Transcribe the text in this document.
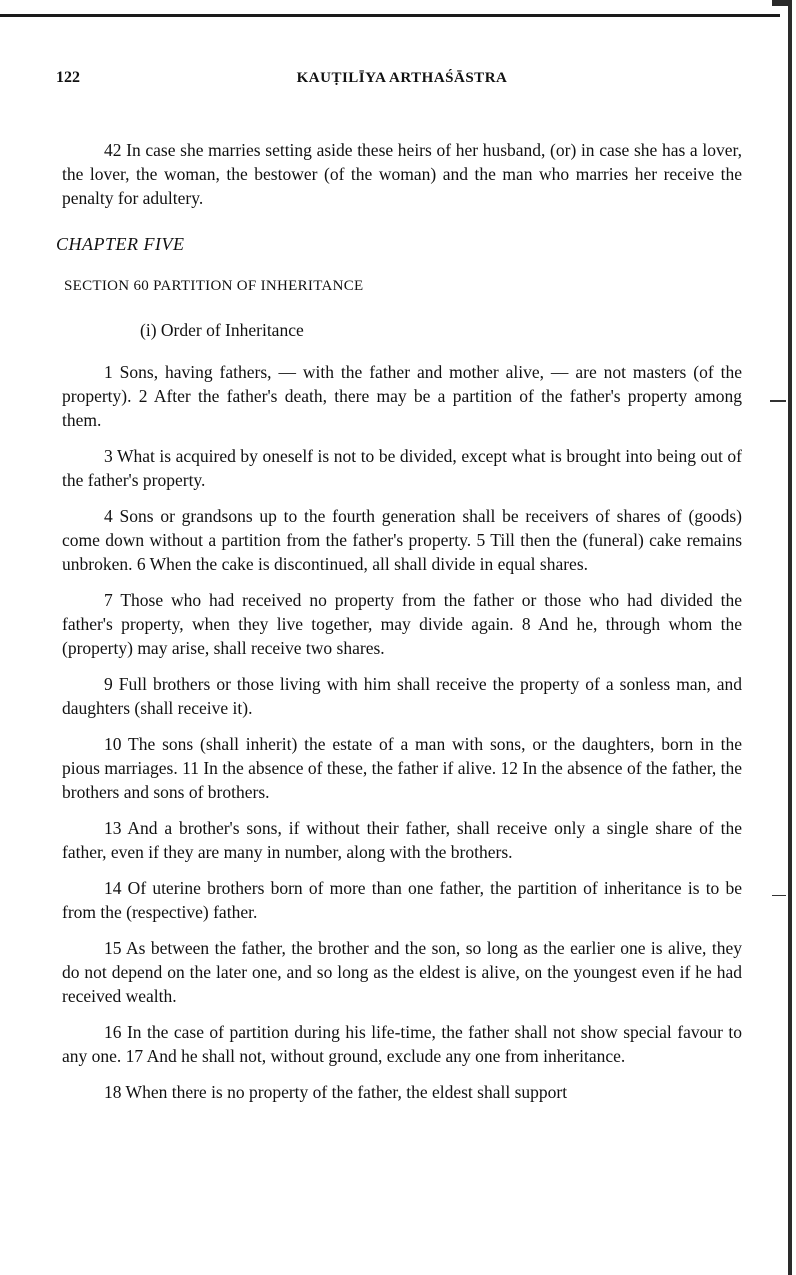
122	KAUṬILĪYA ARTHAŚĀSTRA

42 In case she marries setting aside these heirs of her husband, (or) in case she has a lover, the lover, the woman, the bestower (of the woman) and the man who marries her receive the penalty for adultery.

CHAPTER FIVE
SECTION 60 PARTITION OF INHERITANCE
(i) Order of Inheritance

1 Sons, having fathers, — with the father and mother alive, — are not masters (of the property). 2 After the father's death, there may be a partition of the father's property among them.

3 What is acquired by oneself is not to be divided, except what is brought into being out of the father's property.

4 Sons or grandsons up to the fourth generation shall be receivers of shares of (goods) come down without a partition from the father's property. 5 Till then the (funeral) cake remains unbroken. 6 When the cake is discontinued, all shall divide in equal shares.

7 Those who had received no property from the father or those who had divided the father's property, when they live together, may divide again. 8 And he, through whom the (property) may arise, shall receive two shares.

9 Full brothers or those living with him shall receive the property of a sonless man, and daughters (shall receive it).

10 The sons (shall inherit) the estate of a man with sons, or the daughters, born in the pious marriages. 11 In the absence of these, the father if alive. 12 In the absence of the father, the brothers and sons of brothers.

13 And a brother's sons, if without their father, shall receive only a single share of the father, even if they are many in number, along with the brothers.

14 Of uterine brothers born of more than one father, the partition of inheritance is to be from the (respective) father.

15 As between the father, the brother and the son, so long as the earlier one is alive, they do not depend on the later one, and so long as the eldest is alive, on the youngest even if he had received wealth.

16 In the case of partition during his life-time, the father shall not show special favour to any one. 17 And he shall not, without ground, exclude any one from inheritance.

18 When there is no property of the father, the eldest shall support
